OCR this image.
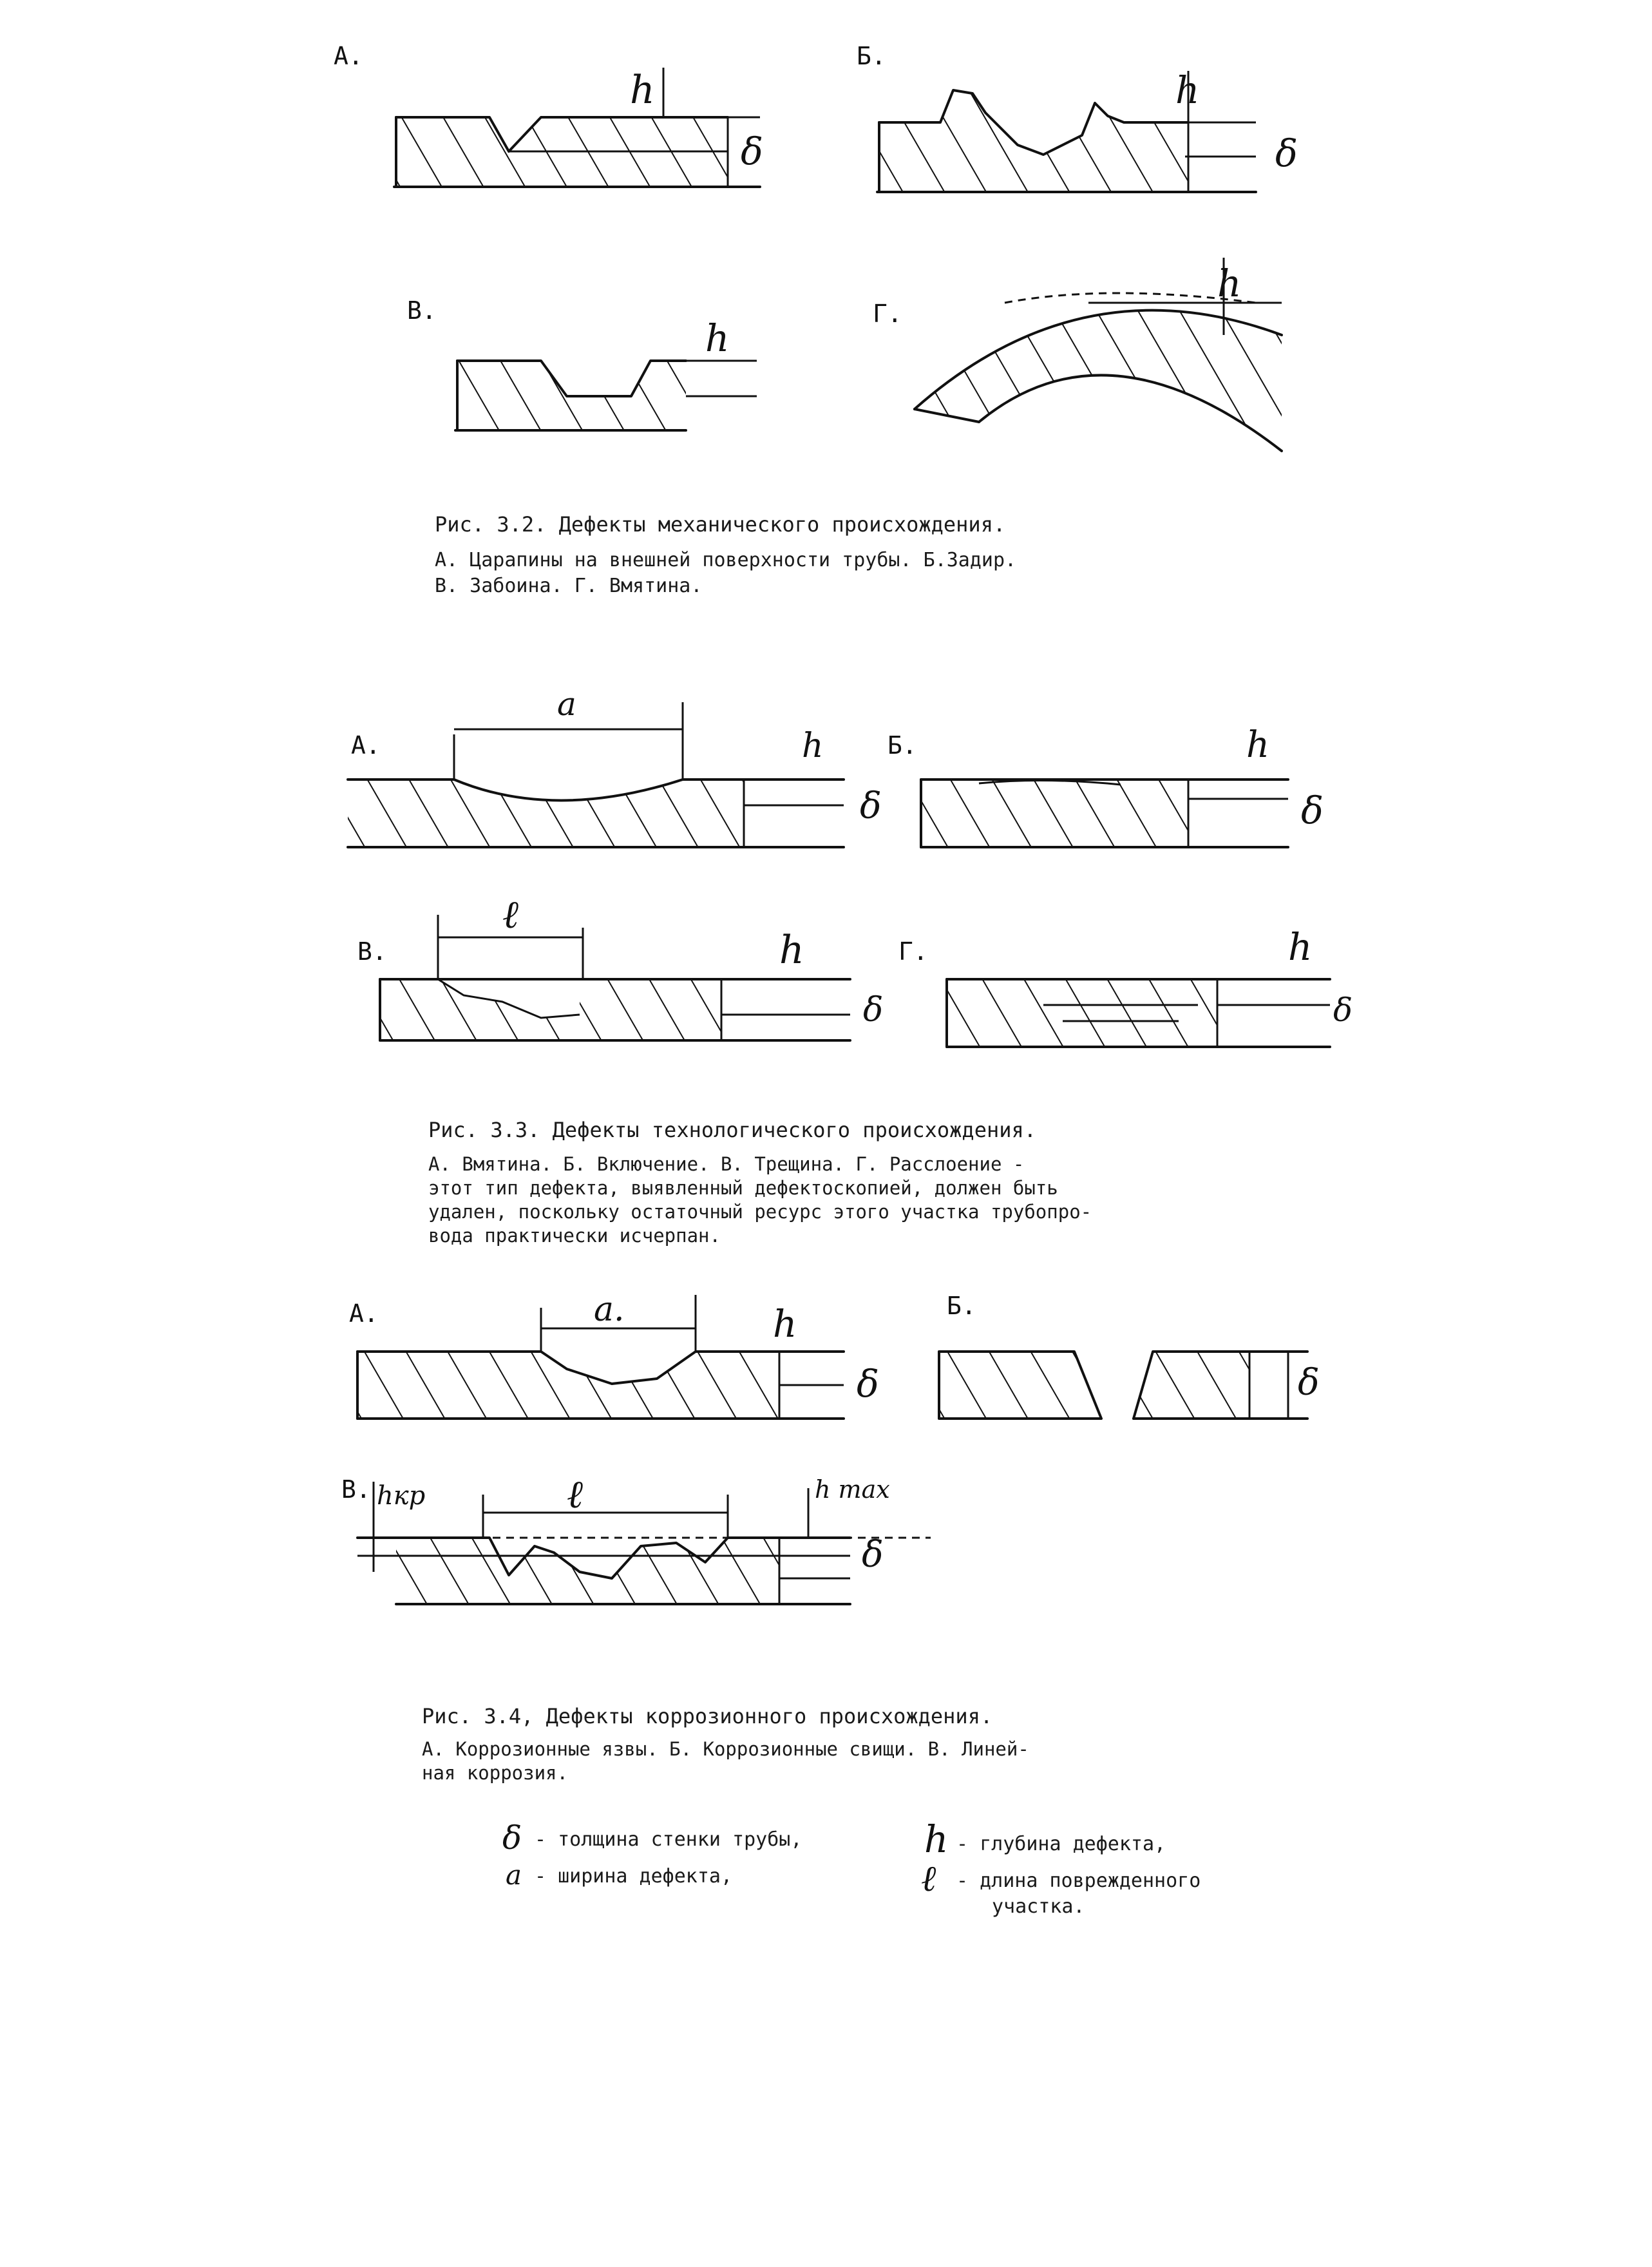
А.
h
δ
Б.
h
δ
В.
h
Г.
h
А.
a
h
δ
Б.	h
δ
В.
ℓ
h
δ
Г.	h
δ
А.	a.	h
δ
Б.
δ
В.	ℓ	h max
hкр
δ
δ
a
h
ℓ
Рис. 3.2. Дефекты механического происхождения.
А. Царапины на внешней поверхности трубы. Б.Задир.
В. Забоина. Г. Вмятина.
Рис. 3.3. Дефекты технологического происхождения.
А. Вмятина. Б. Включение. В. Трещина. Г. Расслоение -
этот тип дефекта, выявленный дефектоскопией, должен быть
удален, поскольку остаточный ресурс этого участка трубопро-
вода практически исчерпан.
Рис. 3.4, Дефекты коррозионного происхождения.
А. Коррозионные язвы. Б. Коррозионные свищи. В. Линей-
ная коррозия.
- толщина стенки трубы,
- ширина дефекта,
- глубина дефекта,
- длина поврежденного
участка.
